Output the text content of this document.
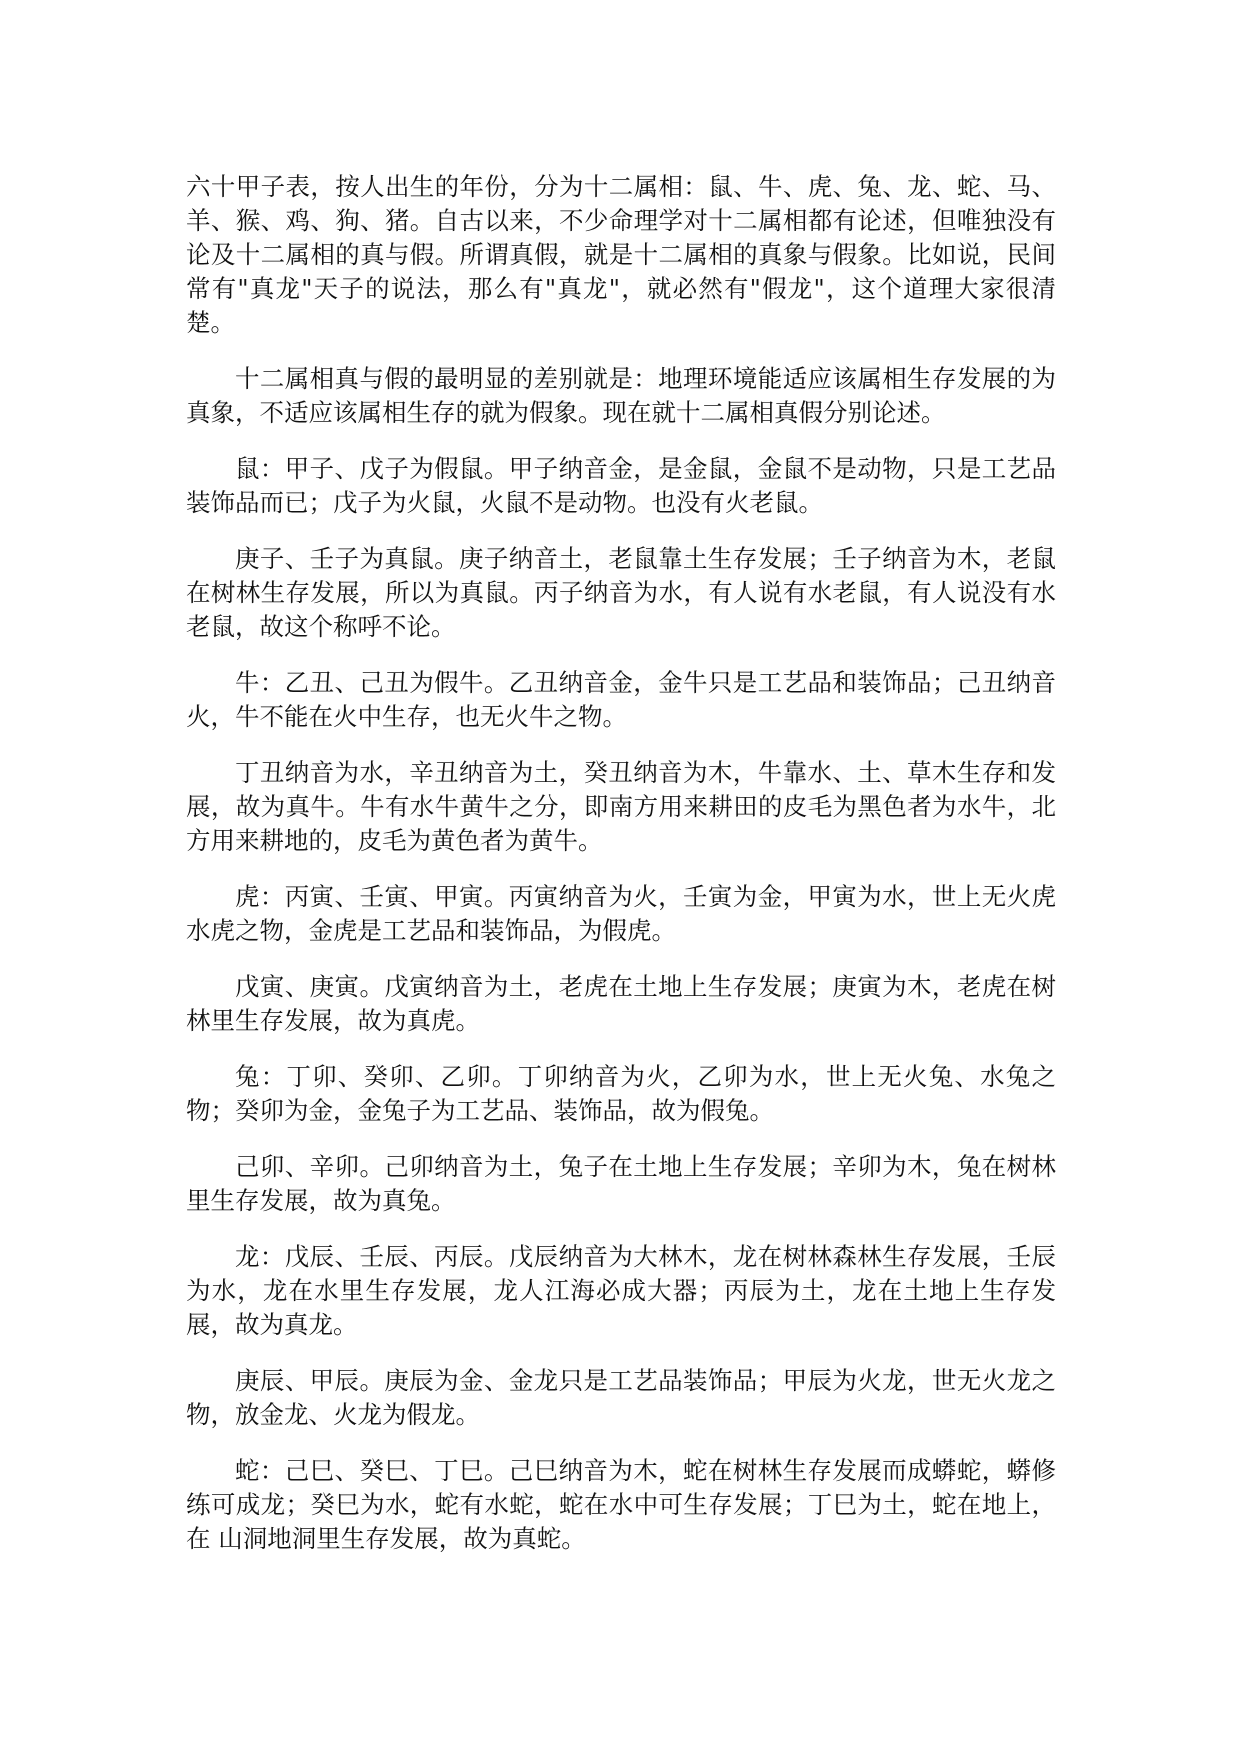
六十甲子表，按人出生的年份，分为十二属相：鼠、牛、虎、兔、龙、蛇、马、羊、猴、鸡、狗、猪。自古以来，不少命理学对十二属相都有论述，但唯独没有论及十二属相的真与假。所谓真假，就是十二属相的真象与假象。比如说，民间常有"真龙"天子的说法，那么有"真龙"，就必然有"假龙"，这个道理大家很清楚。

十二属相真与假的最明显的差别就是：地理环境能适应该属相生存发展的为真象，不适应该属相生存的就为假象。现在就十二属相真假分别论述。

鼠：甲子、戊子为假鼠。甲子纳音金，是金鼠，金鼠不是动物，只是工艺品装饰品而已；戊子为火鼠，火鼠不是动物。也没有火老鼠。

庚子、壬子为真鼠。庚子纳音土，老鼠靠土生存发展；壬子纳音为木，老鼠在树林生存发展，所以为真鼠。丙子纳音为水，有人说有水老鼠，有人说没有水老鼠，故这个称呼不论。

牛：乙丑、己丑为假牛。乙丑纳音金，金牛只是工艺品和装饰品；己丑纳音火，牛不能在火中生存，也无火牛之物。

丁丑纳音为水，辛丑纳音为土，癸丑纳音为木，牛靠水、土、草木生存和发展，故为真牛。牛有水牛黄牛之分，即南方用来耕田的皮毛为黑色者为水牛，北方用来耕地的，皮毛为黄色者为黄牛。

虎：丙寅、壬寅、甲寅。丙寅纳音为火，壬寅为金，甲寅为水，世上无火虎水虎之物，金虎是工艺品和装饰品，为假虎。

戊寅、庚寅。戊寅纳音为土，老虎在土地上生存发展；庚寅为木，老虎在树林里生存发展，故为真虎。

兔：丁卯、癸卯、乙卯。丁卯纳音为火，乙卯为水，世上无火兔、水兔之物；癸卯为金，金兔子为工艺品、装饰品，故为假兔。

己卯、辛卯。己卯纳音为土，兔子在土地上生存发展；辛卯为木，兔在树林里生存发展，故为真兔。

龙：戊辰、壬辰、丙辰。戊辰纳音为大林木，龙在树林森林生存发展，壬辰为水，龙在水里生存发展，龙人江海必成大器；丙辰为土，龙在土地上生存发展，故为真龙。

庚辰、甲辰。庚辰为金、金龙只是工艺品装饰品；甲辰为火龙，世无火龙之物，放金龙、火龙为假龙。

蛇：己巳、癸巳、丁巳。己巳纳音为木，蛇在树林生存发展而成蟒蛇，蟒修练可成龙；癸巳为水，蛇有水蛇，蛇在水中可生存发展；丁巳为土，蛇在地上，在 山洞地洞里生存发展，故为真蛇。
